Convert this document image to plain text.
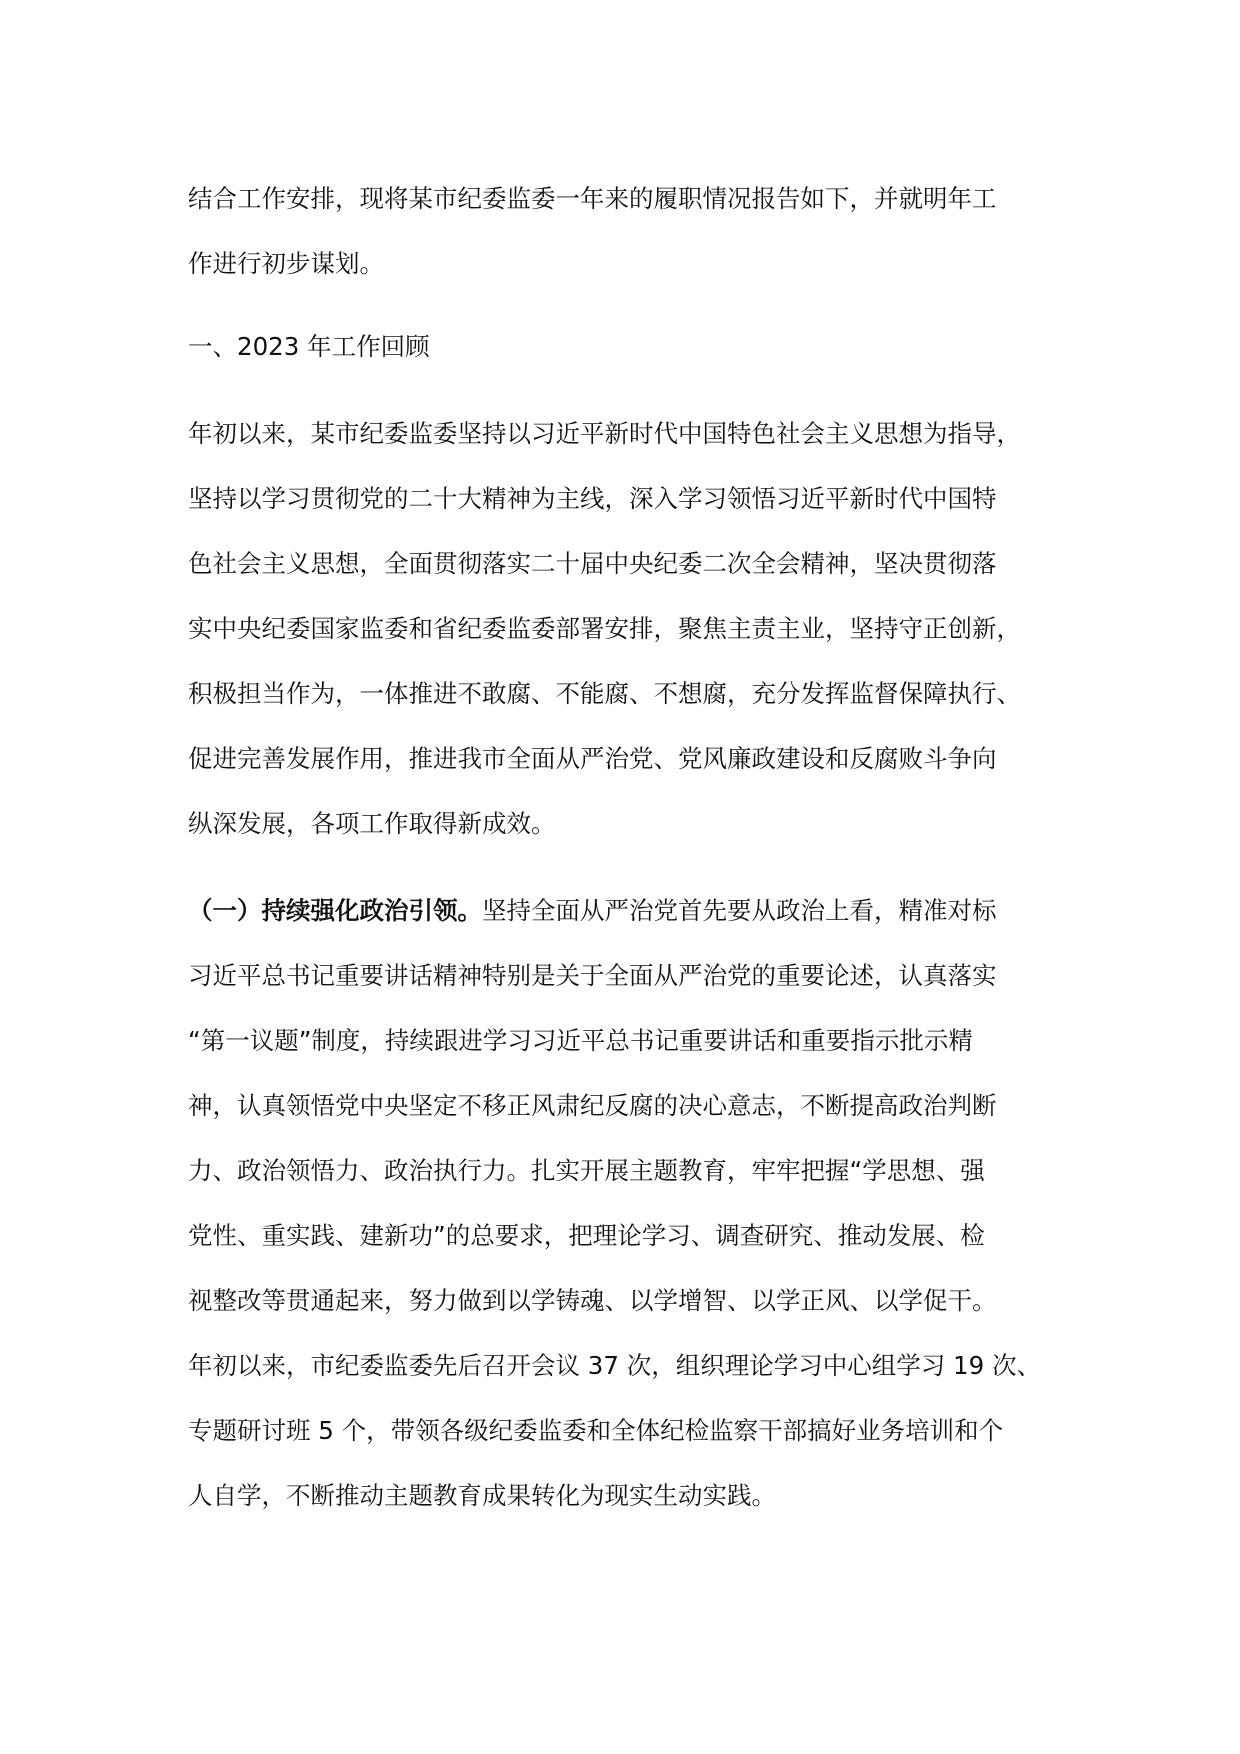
结合工作安排，现将某市纪委监委一年来的履职情况报告如下，并就明年工
作进行初步谋划。
一、2023 年工作回顾
年初以来，某市纪委监委坚持以习近平新时代中国特色社会主义思想为指导，
坚持以学习贯彻党的二十大精神为主线，深入学习领悟习近平新时代中国特
色社会主义思想，全面贯彻落实二十届中央纪委二次全会精神，坚决贯彻落
实中央纪委国家监委和省纪委监委部署安排，聚焦主责主业，坚持守正创新，
积极担当作为，一体推进不敢腐、不能腐、不想腐，充分发挥监督保障执行、
促进完善发展作用，推进我市全面从严治党、党风廉政建设和反腐败斗争向
纵深发展，各项工作取得新成效。
（一）持续强化政治引领。坚持全面从严治党首先要从政治上看，精准对标
习近平总书记重要讲话精神特别是关于全面从严治党的重要论述，认真落实
“第一议题”制度，持续跟进学习习近平总书记重要讲话和重要指示批示精
神，认真领悟党中央坚定不移正风肃纪反腐的决心意志，不断提高政治判断
力、政治领悟力、政治执行力。扎实开展主题教育，牢牢把握“学思想、强
党性、重实践、建新功”的总要求，把理论学习、调查研究、推动发展、检
视整改等贯通起来，努力做到以学铸魂、以学增智、以学正风、以学促干。
年初以来，市纪委监委先后召开会议 37 次，组织理论学习中心组学习 19 次、
专题研讨班 5 个，带领各级纪委监委和全体纪检监察干部搞好业务培训和个
人自学，不断推动主题教育成果转化为现实生动实践。
